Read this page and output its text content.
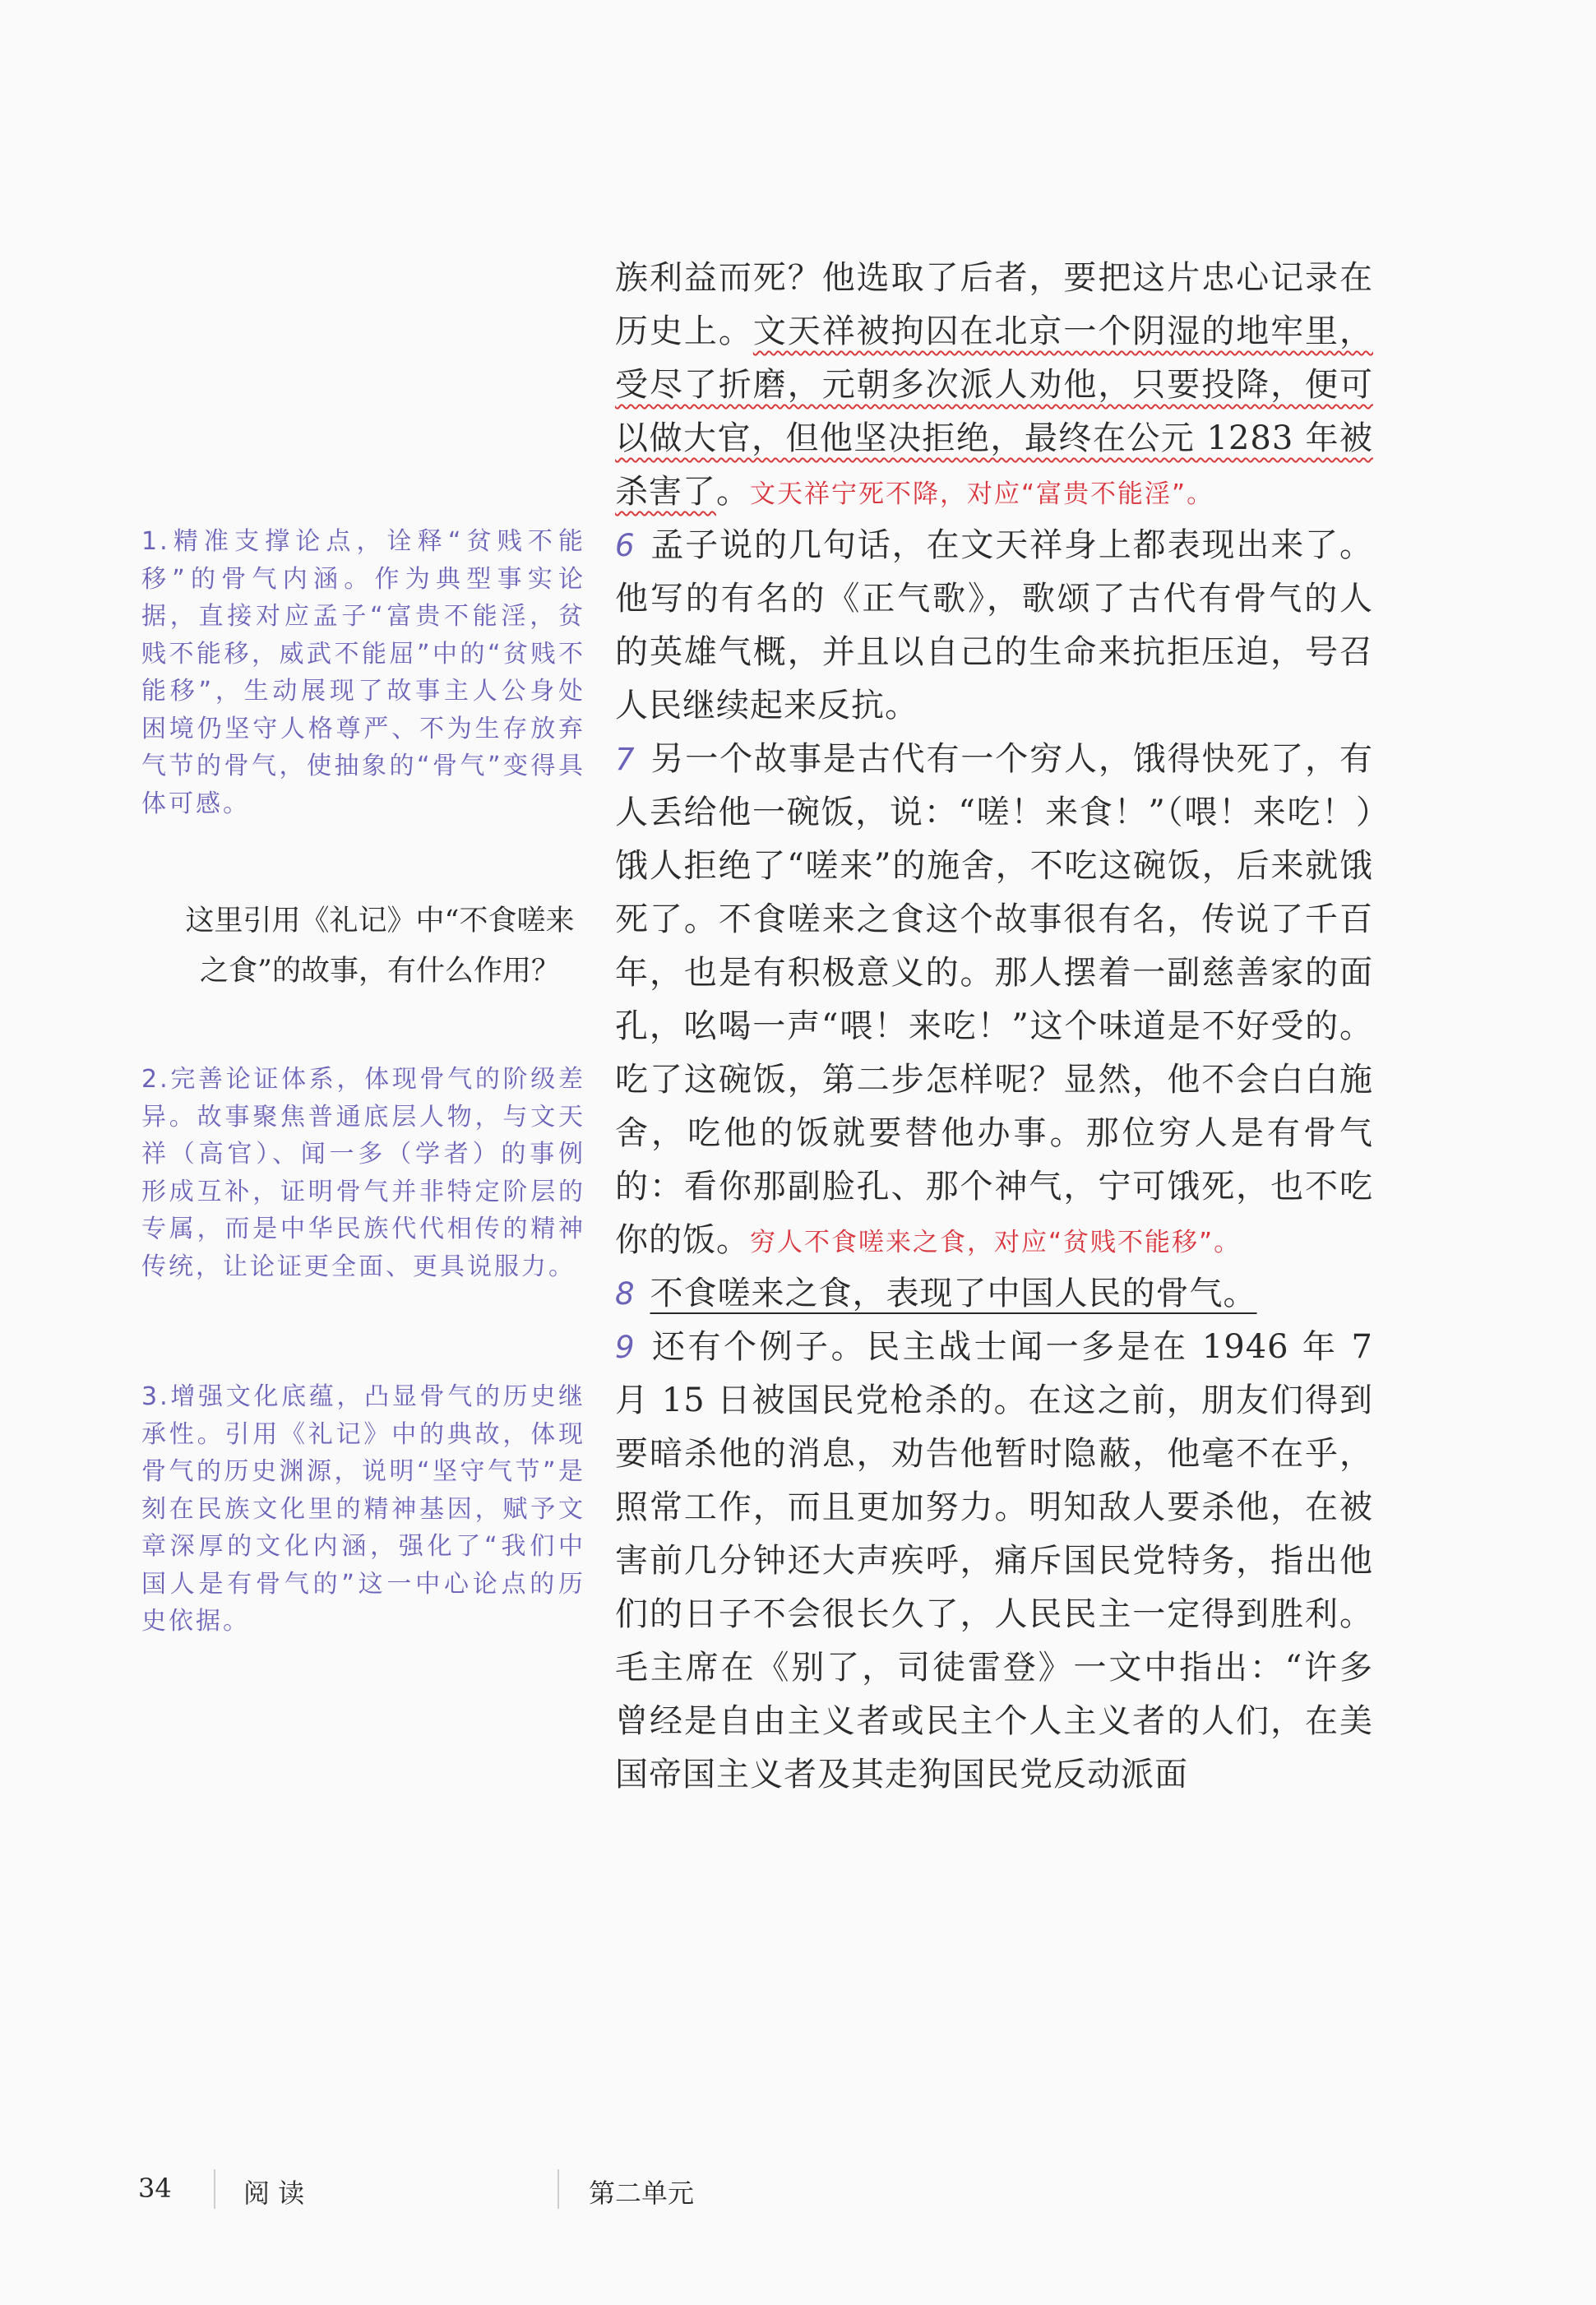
1.精准支撑论点，诠释“贫贱不能移”的骨气内涵。作为典型事实论据，直接对应孟子“富贵不能淫，贫贱不能移，威武不能屈”中的“贫贱不能移”，生动展现了故事主人公身处困境仍坚守人格尊严、不为生存放弃气节的骨气，使抽象的“骨气”变得具体可感。

这里引用《礼记》中“不食嗟来之食”的故事，有什么作用？

2.完善论证体系，体现骨气的阶级差异。故事聚焦普通底层人物，与文天祥（高官）、闻一多（学者）的事例形成互补，证明骨气并非特定阶层的专属，而是中华民族代代相传的精神传统，让论证更全面、更具说服力。

3.增强文化底蕴，凸显骨气的历史继承性。引用《礼记》中的典故，体现骨气的历史渊源，说明“坚守气节”是刻在民族文化里的精神基因，赋予文章深厚的文化内涵，强化了“我们中国人是有骨气的”这一中心论点的历史依据。

族利益而死？他选取了后者，要把这片忠心记录在历史上。文天祥被拘囚在北京一个阴湿的地牢里，受尽了折磨，元朝多次派人劝他，只要投降，便可以做大官，但他坚决拒绝，最终在公元 1283 年被杀害了。文天祥宁死不降，对应“富贵不能淫”。

6 孟子说的几句话，在文天祥身上都表现出来了。他写的有名的《正气歌》，歌颂了古代有骨气的人的英雄气概，并且以自己的生命来抗拒压迫，号召人民继续起来反抗。

7 另一个故事是古代有一个穷人，饿得快死了，有人丢给他一碗饭，说：“嗟！来食！”（喂！来吃！）饿人拒绝了“嗟来”的施舍，不吃这碗饭，后来就饿死了。不食嗟来之食这个故事很有名，传说了千百年，也是有积极意义的。那人摆着一副慈善家的面孔，吆喝一声“喂！来吃！”这个味道是不好受的。吃了这碗饭，第二步怎样呢？显然，他不会白白施舍，吃他的饭就要替他办事。那位穷人是有骨气的：看你那副脸孔、那个神气，宁可饿死，也不吃你的饭。穷人不食嗟来之食，对应“贫贱不能移”。

8 不食嗟来之食，表现了中国人民的骨气。

9 还有个例子。民主战士闻一多是在 1946 年 7 月 15 日被国民党枪杀的。在这之前，朋友们得到要暗杀他的消息，劝告他暂时隐蔽，他毫不在乎，照常工作，而且更加努力。明知敌人要杀他，在被害前几分钟还大声疾呼，痛斥国民党特务，指出他们的日子不会很长久了，人民民主一定得到胜利。毛主席在《别了，司徒雷登》一文中指出：“许多曾经是自由主义者或民主个人主义者的人们，在美国帝国主义者及其走狗国民党反动派面

34	阅 读	第二单元
